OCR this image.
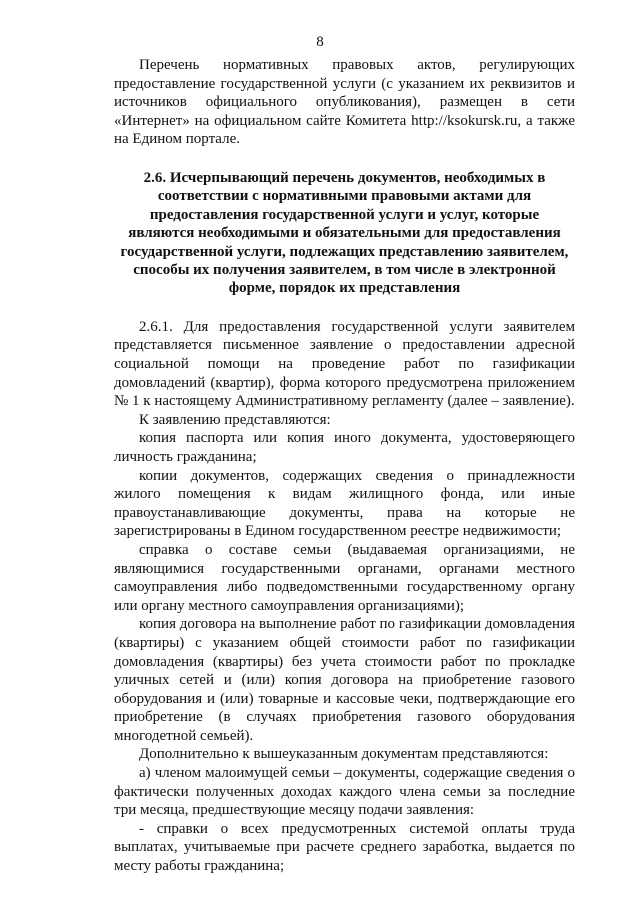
8

Перечень нормативных правовых актов, регулирующих предоставление государственной услуги (с указанием их реквизитов и источников официального опубликования), размещен в сети «Интернет» на официальном сайте Комитета http://ksokursk.ru, а также на Едином портале.

2.6. Исчерпывающий перечень документов, необходимых в соответствии с нормативными правовыми актами для предоставления государственной услуги и услуг, которые являются необходимыми и обязательными для предоставления государственной услуги, подлежащих представлению заявителем, способы их получения заявителем, в том числе в электронной форме, порядок их представления

2.6.1. Для предоставления государственной услуги заявителем представляется письменное заявление о предоставлении адресной социальной помощи на проведение работ по газификации домовладений (квартир), форма которого предусмотрена приложением № 1 к настоящему Административному регламенту (далее – заявление).

К заявлению представляются:

копия паспорта или копия иного документа, удостоверяющего личность гражданина;

копии документов, содержащих сведения о принадлежности жилого помещения к видам жилищного фонда, или иные правоустанавливающие документы, права на которые не зарегистрированы в Едином государственном реестре недвижимости;

справка о составе семьи (выдаваемая организациями, не являющимися государственными органами, органами местного самоуправления либо подведомственными государственному органу или органу местного самоуправления организациями);

копия договора на выполнение работ по газификации домовладения (квартиры) с указанием общей стоимости работ по газификации домовладения (квартиры) без учета стоимости работ по прокладке уличных сетей и (или) копия договора на приобретение газового оборудования и (или) товарные и кассовые чеки, подтверждающие его приобретение (в случаях приобретения газового оборудования многодетной семьей).

Дополнительно к вышеуказанным документам представляются:

а) членом малоимущей семьи – документы, содержащие сведения о фактически полученных доходах каждого члена семьи за последние три месяца, предшествующие месяцу подачи заявления:

- справки о всех предусмотренных системой оплаты труда выплатах, учитываемые при расчете среднего заработка, выдается по месту работы гражданина;
